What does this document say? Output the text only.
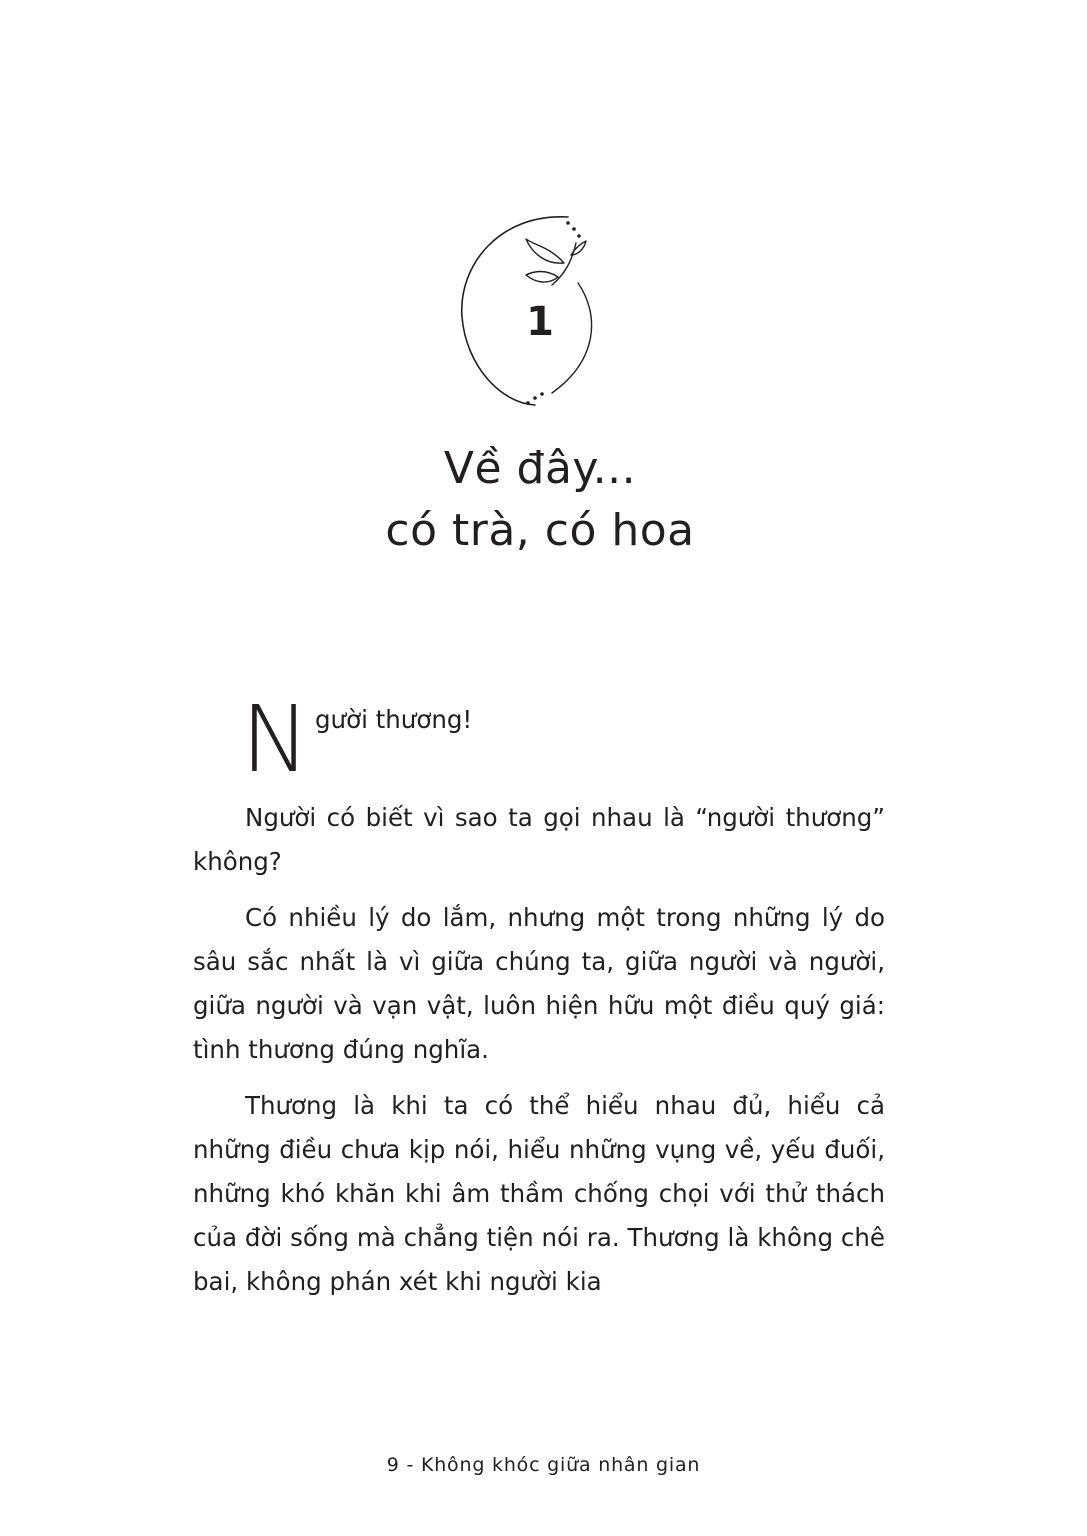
1
Về đây...
có trà, có hoa
N gười thương!

Người có biết vì sao ta gọi nhau là “người thương” không?

Có nhiều lý do lắm, nhưng một trong những lý do sâu sắc nhất là vì giữa chúng ta, giữa người và người, giữa người và vạn vật, luôn hiện hữu một điều quý giá: tình thương đúng nghĩa.

Thương là khi ta có thể hiểu nhau đủ, hiểu cả những điều chưa kịp nói, hiểu những vụng về, yếu đuối, những khó khăn khi âm thầm chống chọi với thử thách của đời sống mà chẳng tiện nói ra. Thương là không chê bai, không phán xét khi người kia

9 - Không khóc giữa nhân gian
